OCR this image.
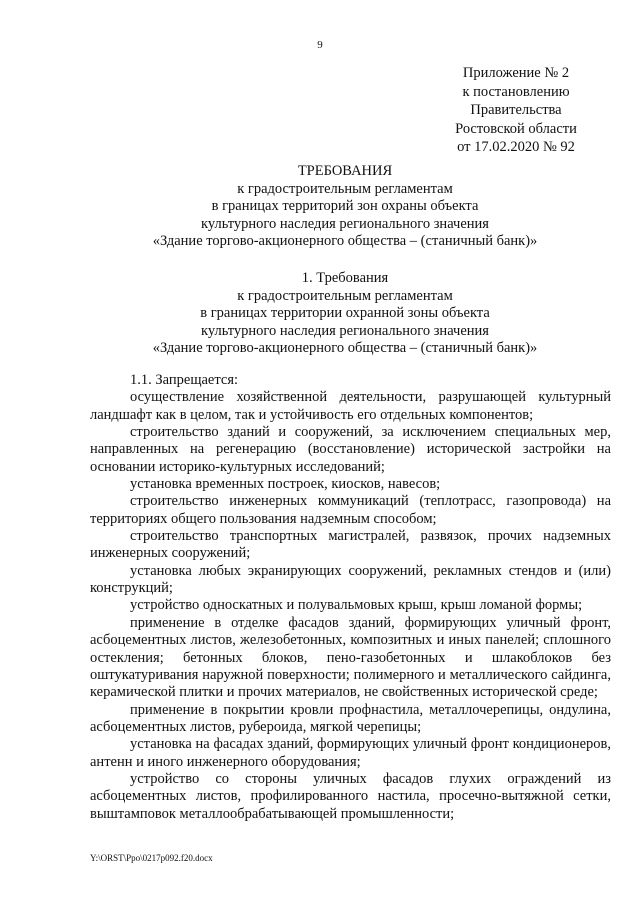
9
Приложение № 2
к постановлению
Правительства
Ростовской области
от 17.02.2020 № 92
ТРЕБОВАНИЯ
к градостроительным регламентам
в границах территорий зон охраны объекта
культурного наследия регионального значения
«Здание торгово-акционерного общества – (станичный банк)»
1. Требования
к градостроительным регламентам
в границах территории охранной зоны объекта
культурного наследия регионального значения
«Здание торгово-акционерного общества – (станичный банк)»
1.1. Запрещается:

осуществление хозяйственной деятельности, разрушающей культурный ландшафт как в целом, так и устойчивость его отдельных компонентов;

строительство зданий и сооружений, за исключением специальных мер, направленных на регенерацию (восстановление) исторической застройки на основании историко-культурных исследований;

установка временных построек, киосков, навесов;

строительство инженерных коммуникаций (теплотрасс, газопровода) на территориях общего пользования надземным способом;

строительство транспортных магистралей, развязок, прочих надземных инженерных сооружений;

установка любых экранирующих сооружений, рекламных стендов и (или) конструкций;

устройство односкатных и полувальмовых крыш, крыш ломаной формы;

применение в отделке фасадов зданий, формирующих уличный фронт, асбоцементных листов, железобетонных, композитных и иных панелей; сплошного остекления; бетонных блоков, пено-газобетонных и шлакоблоков без оштукатуривания наружной поверхности; полимерного и металлического сайдинга, керамической плитки и прочих материалов, не свойственных исторической среде;

применение в покрытии кровли профнастила, металлочерепицы, ондулина, асбоцементных листов, рубероида, мягкой черепицы;

установка на фасадах зданий, формирующих уличный фронт кондиционеров, антенн и иного инженерного оборудования;

устройство со стороны уличных фасадов глухих ограждений из асбоцементных листов, профилированного настила, просечно-вытяжной сетки, выштамповок металлообрабатывающей промышленности;

Y:\ORST\Ppo\0217p092.f20.docx
